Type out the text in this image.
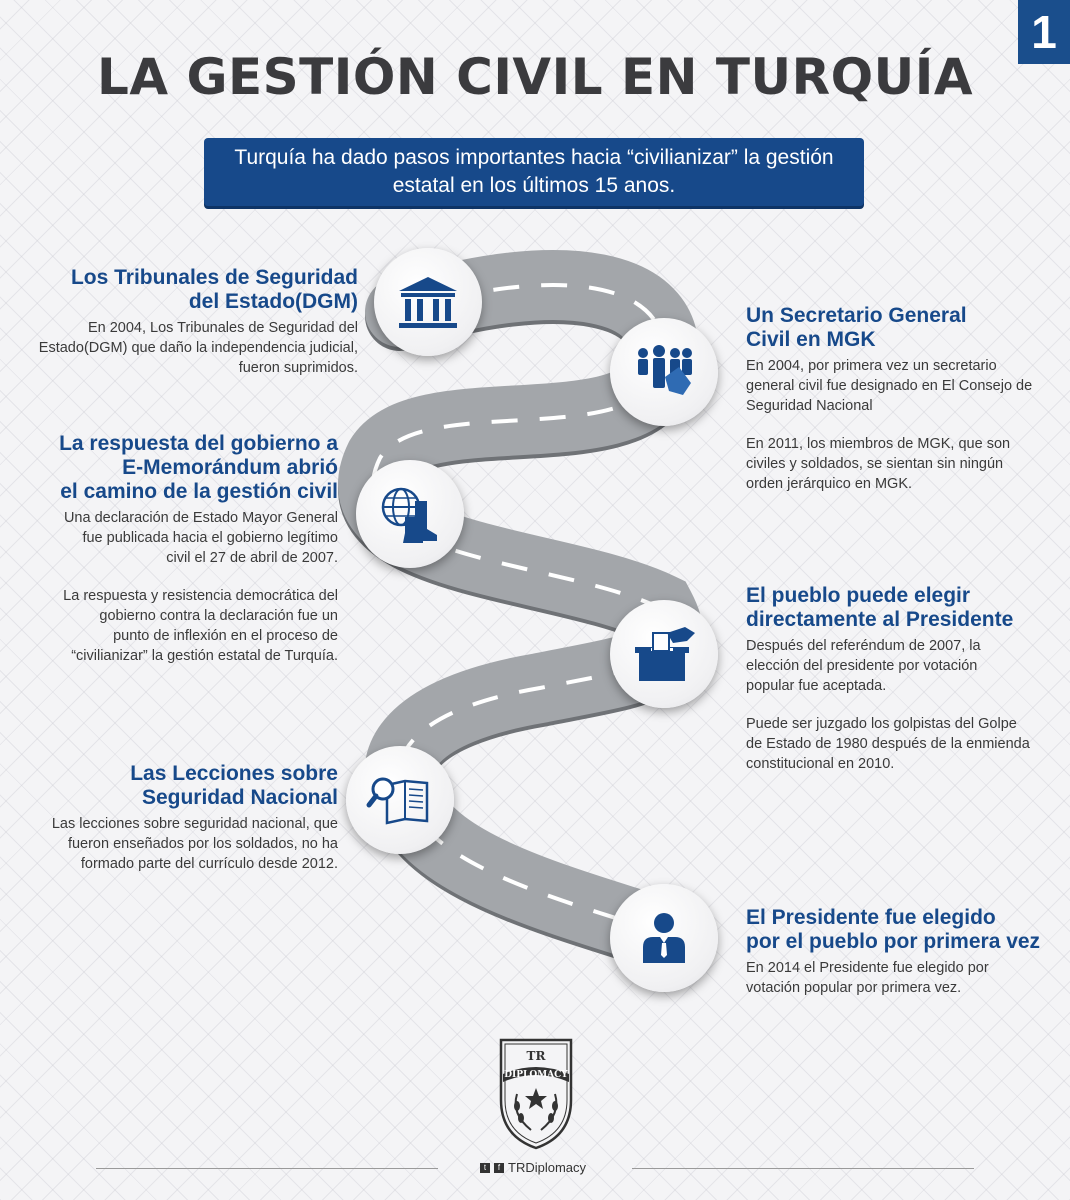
1
LA GESTIÓN CIVIL EN TURQUÍA
Turquía ha dado pasos importantes hacia “civilianizar” la gestión estatal en los últimos 15 anos.
Los Tribunales de Seguridad
del Estado(DGM)

En 2004, Los Tribunales de Seguridad del
Estado(DGM) que daño la independencia judicial,
fueron suprimidos.

La respuesta del gobierno a
E-Memorándum abrió
el camino de la gestión civil

Una declaración de Estado Mayor General
fue publicada hacia el gobierno legítimo
civil el 27 de abril de 2007.

La respuesta y resistencia democrática del
gobierno contra la declaración fue un
punto de inflexión en el proceso de
“civilianizar” la gestión estatal de Turquía.

Las Lecciones sobre
Seguridad Nacional

Las lecciones sobre seguridad nacional, que
fueron enseñados por los soldados, no ha
formado parte del currículo desde 2012.

Un Secretario General
Civil en MGK

En 2004, por primera vez un secretario
general civil fue designado en El Consejo de
Seguridad Nacional

En 2011, los miembros de MGK, que son
civiles y soldados, se sientan sin ningún
orden jerárquico en MGK.

El pueblo puede elegir
directamente al Presidente

Después del referéndum de 2007, la
elección del presidente por votación
popular fue aceptada.

Puede ser juzgado los golpistas del Golpe
de Estado de 1980 después de la enmienda
constitucional en 2010.

El Presidente fue elegido
por el pueblo por primera vez

En 2014 el Presidente fue elegido por
votación popular por primera vez.

TR
DIPLOMACY
t	f TRDiplomacy
